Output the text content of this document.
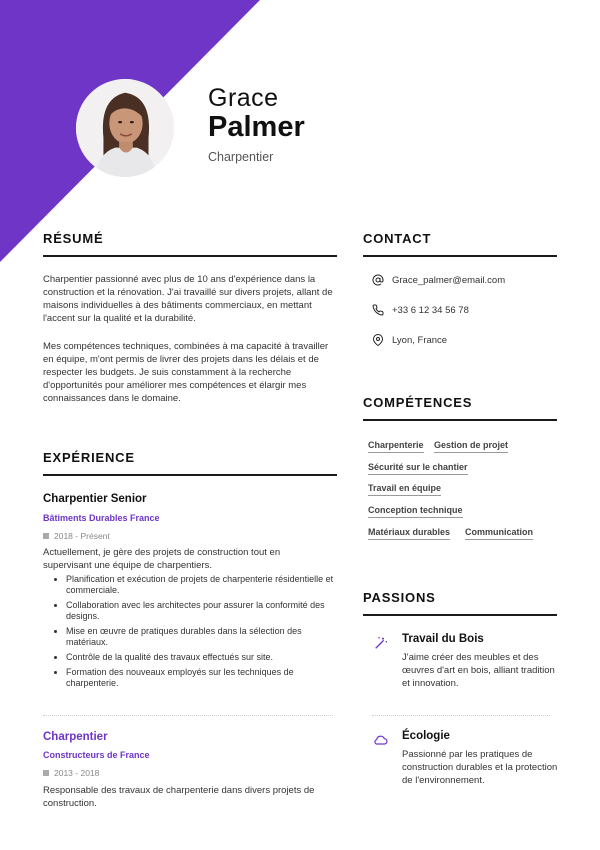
Grace
Palmer
Charpentier
RÉSUMÉ

Charpentier passionné avec plus de 10 ans d'expérience dans la construction et la rénovation. J'ai travaillé sur divers projets, allant de maisons individuelles à des bâtiments commerciaux, en mettant l'accent sur la qualité et la durabilité.

Mes compétences techniques, combinées à ma capacité à travailler en équipe, m'ont permis de livrer des projets dans les délais et de respecter les budgets. Je suis constamment à la recherche d'opportunités pour améliorer mes compétences et élargir mes connaissances dans le domaine.

EXPÉRIENCE
Charpentier Senior
Bâtiments Durables France
2018 - Présent

Actuellement, je gère des projets de construction tout en supervisant une équipe de charpentiers.

Planification et exécution de projets de charpenterie résidentielle et commerciale.
Collaboration avec les architectes pour assurer la conformité des designs.
Mise en œuvre de pratiques durables dans la sélection des matériaux.
Contrôle de la qualité des travaux effectués sur site.
Formation des nouveaux employés sur les techniques de charpenterie.
Charpentier
Constructeurs de France
2013 - 2018

Responsable des travaux de charpenterie dans divers projets de construction.

CONTACT
Grace_palmer@email.com
+33 6 12 34 56 78
Lyon, France
COMPÉTENCES
Charpenterie Gestion de projet
Sécurité sur le chantier
Travail en équipe
Conception technique
Matériaux durables Communication
PASSIONS
Travail du Bois

J'aime créer des meubles et des œuvres d'art en bois, alliant tradition et innovation.

Écologie

Passionné par les pratiques de construction durables et la protection de l'environnement.
